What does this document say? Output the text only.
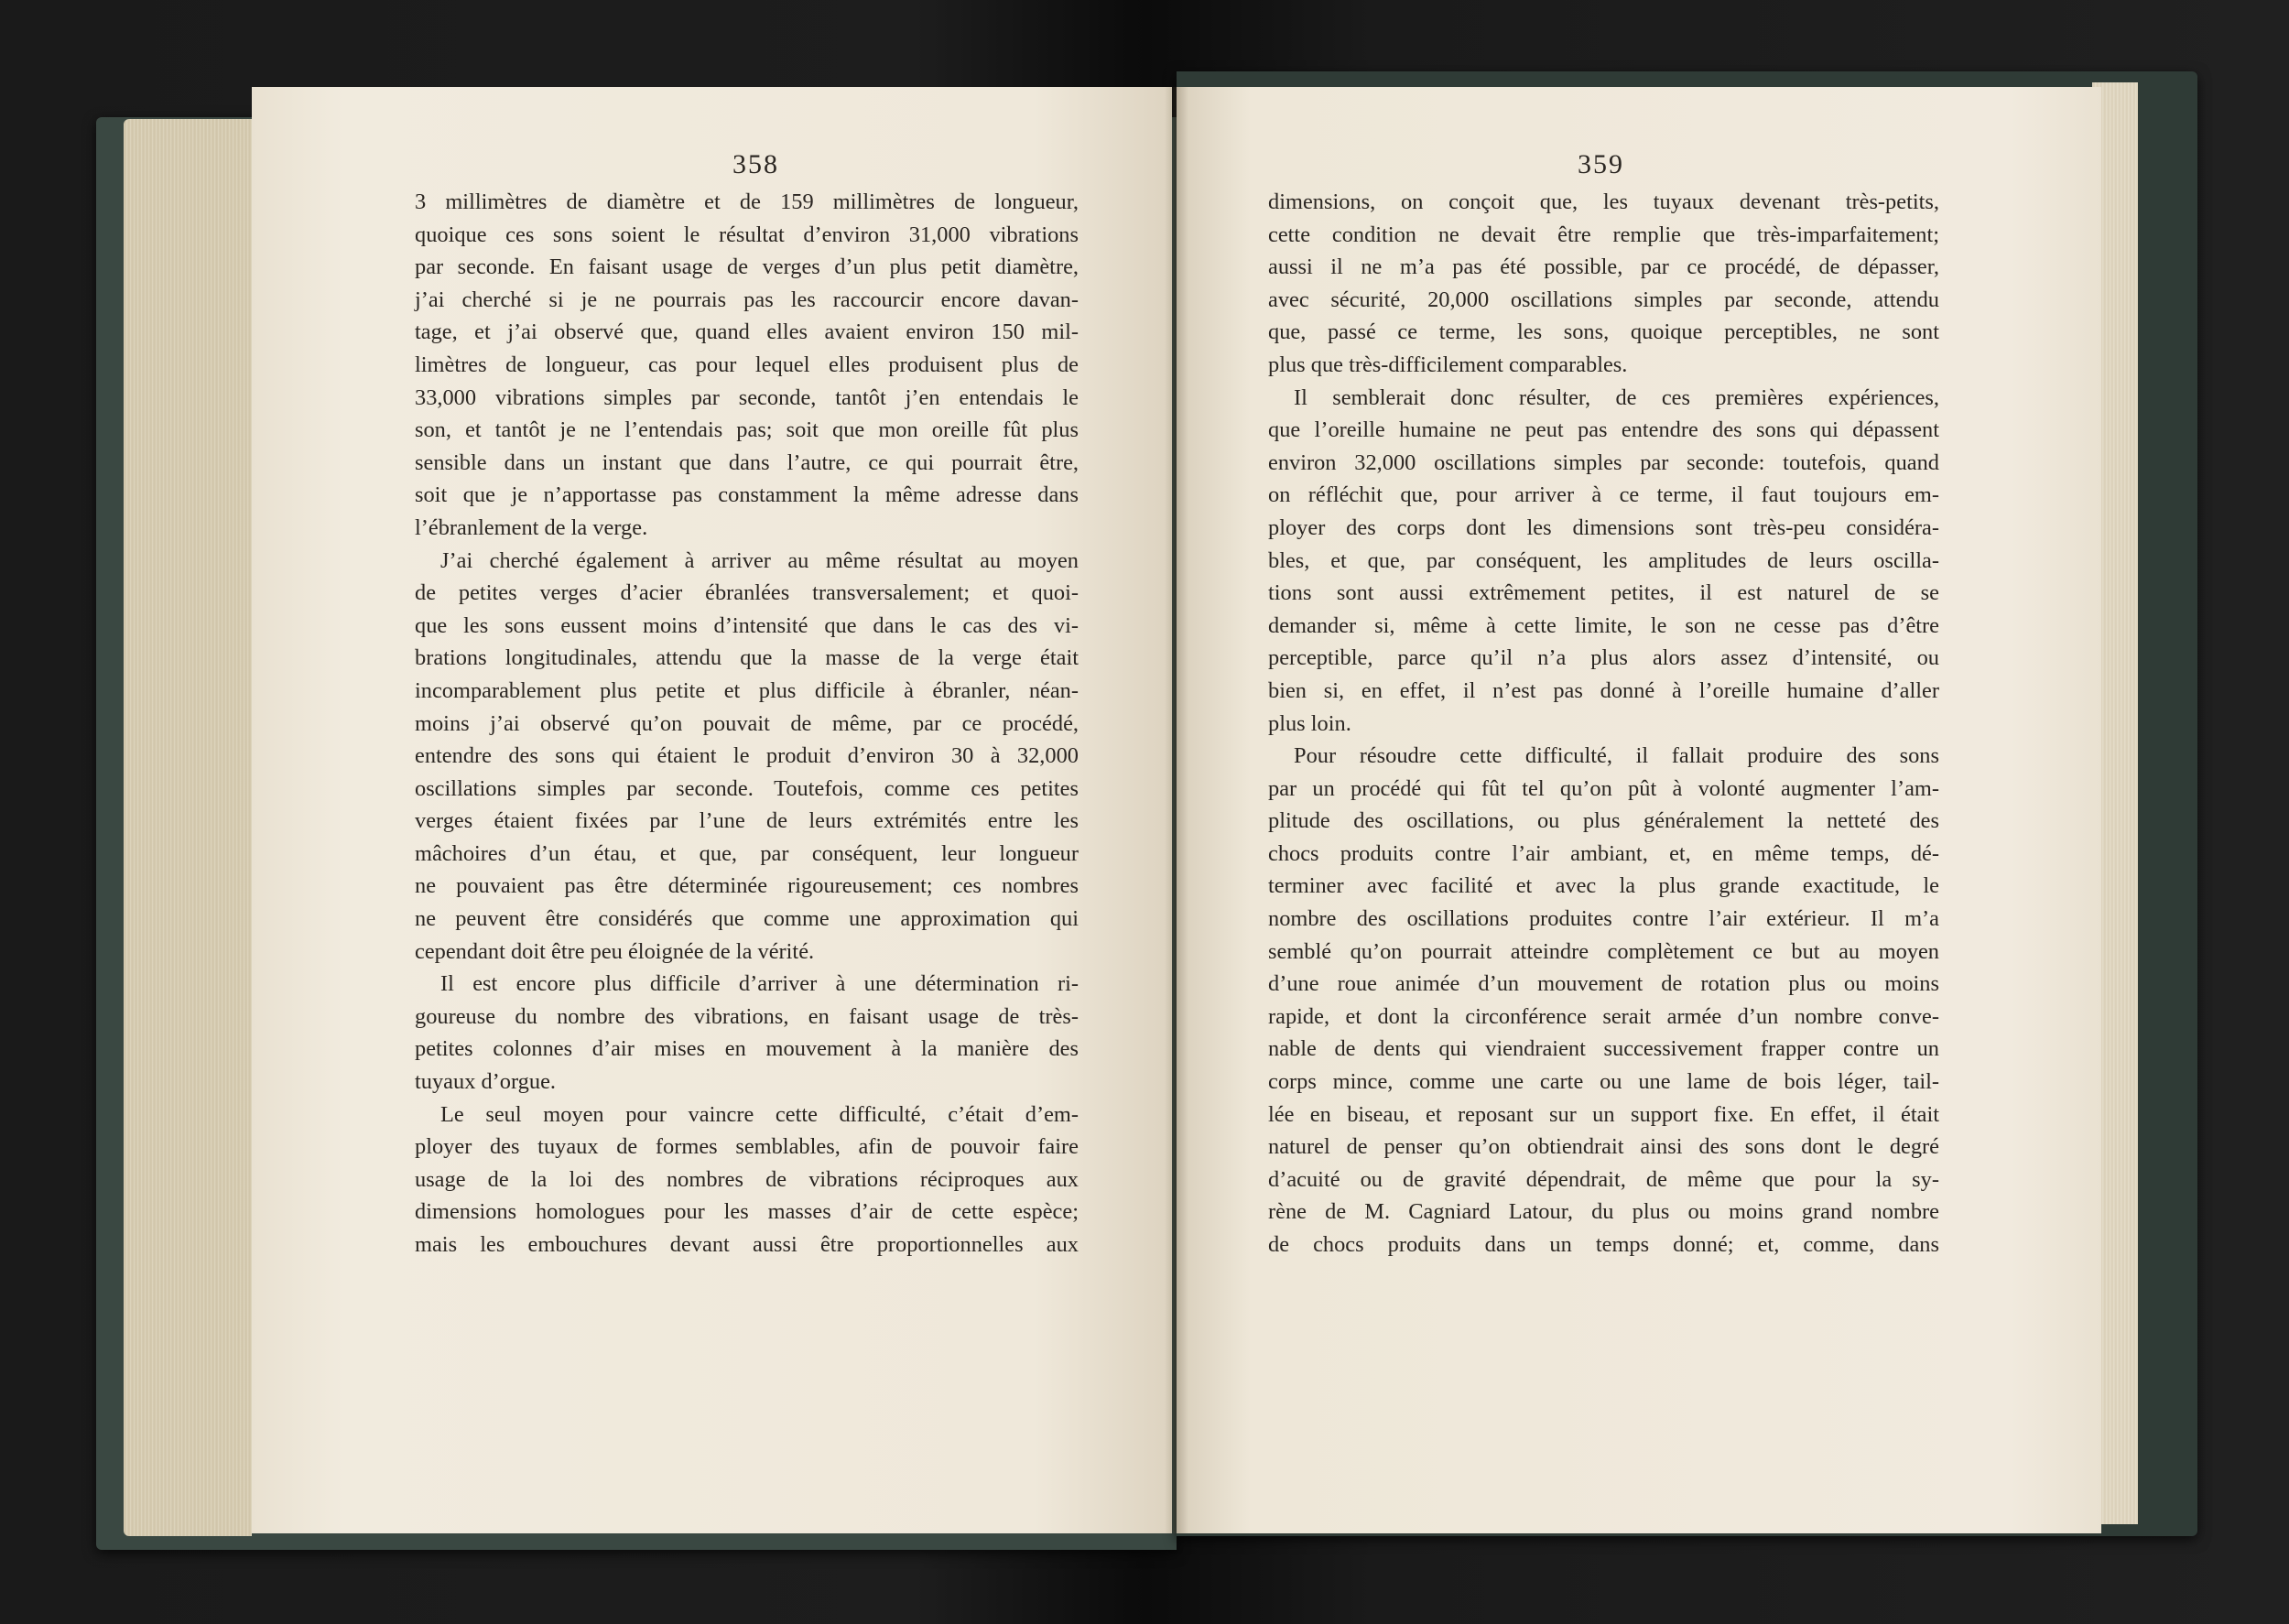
358
3 millimètres de diamètre et de 159 millimètres de longueur,
quoique ces sons soient le résultat d’environ 31,000 vibrations
par seconde. En faisant usage de verges d’un plus petit diamètre,
j’ai cherché si je ne pourrais pas les raccourcir encore davan-
tage, et j’ai observé que, quand elles avaient environ 150 mil-
limètres de longueur, cas pour lequel elles produisent plus de
33,000 vibrations simples par seconde, tantôt j’en entendais le
son, et tantôt je ne l’entendais pas; soit que mon oreille fût plus
sensible dans un instant que dans l’autre, ce qui pourrait être,
soit que je n’apportasse pas constamment la même adresse dans
l’ébranlement de la verge.
J’ai cherché également à arriver au même résultat au moyen
de petites verges d’acier ébranlées transversalement; et quoi-
que les sons eussent moins d’intensité que dans le cas des vi-
brations longitudinales, attendu que la masse de la verge était
incomparablement plus petite et plus difficile à ébranler, néan-
moins j’ai observé qu’on pouvait de même, par ce procédé,
entendre des sons qui étaient le produit d’environ 30 à 32,000
oscillations simples par seconde. Toutefois, comme ces petites
verges étaient fixées par l’une de leurs extrémités entre les
mâchoires d’un étau, et que, par conséquent, leur longueur
ne pouvaient pas être déterminée rigoureusement; ces nombres
ne peuvent être considérés que comme une approximation qui
cependant doit être peu éloignée de la vérité.
Il est encore plus difficile d’arriver à une détermination ri-
goureuse du nombre des vibrations, en faisant usage de très-
petites colonnes d’air mises en mouvement à la manière des
tuyaux d’orgue.
Le seul moyen pour vaincre cette difficulté, c’était d’em-
ployer des tuyaux de formes semblables, afin de pouvoir faire
usage de la loi des nombres de vibrations réciproques aux
dimensions homologues pour les masses d’air de cette espèce;
mais les embouchures devant aussi être proportionnelles aux
359
dimensions, on conçoit que, les tuyaux devenant très-petits,
cette condition ne devait être remplie que très-imparfaitement;
aussi il ne m’a pas été possible, par ce procédé, de dépasser,
avec sécurité, 20,000 oscillations simples par seconde, attendu
que, passé ce terme, les sons, quoique perceptibles, ne sont
plus que très-difficilement comparables.
Il semblerait donc résulter, de ces premières expériences,
que l’oreille humaine ne peut pas entendre des sons qui dépassent
environ 32,000 oscillations simples par seconde: toutefois, quand
on réfléchit que, pour arriver à ce terme, il faut toujours em-
ployer des corps dont les dimensions sont très-peu considéra-
bles, et que, par conséquent, les amplitudes de leurs oscilla-
tions sont aussi extrêmement petites, il est naturel de se
demander si, même à cette limite, le son ne cesse pas d’être
perceptible, parce qu’il n’a plus alors assez d’intensité, ou
bien si, en effet, il n’est pas donné à l’oreille humaine d’aller
plus loin.
Pour résoudre cette difficulté, il fallait produire des sons
par un procédé qui fût tel qu’on pût à volonté augmenter l’am-
plitude des oscillations, ou plus généralement la netteté des
chocs produits contre l’air ambiant, et, en même temps, dé-
terminer avec facilité et avec la plus grande exactitude, le
nombre des oscillations produites contre l’air extérieur. Il m’a
semblé qu’on pourrait atteindre complètement ce but au moyen
d’une roue animée d’un mouvement de rotation plus ou moins
rapide, et dont la circonférence serait armée d’un nombre conve-
nable de dents qui viendraient successivement frapper contre un
corps mince, comme une carte ou une lame de bois léger, tail-
lée en biseau, et reposant sur un support fixe. En effet, il était
naturel de penser qu’on obtiendrait ainsi des sons dont le degré
d’acuité ou de gravité dépendrait, de même que pour la sy-
rène de M. Cagniard Latour, du plus ou moins grand nombre
de chocs produits dans un temps donné; et, comme, dans
